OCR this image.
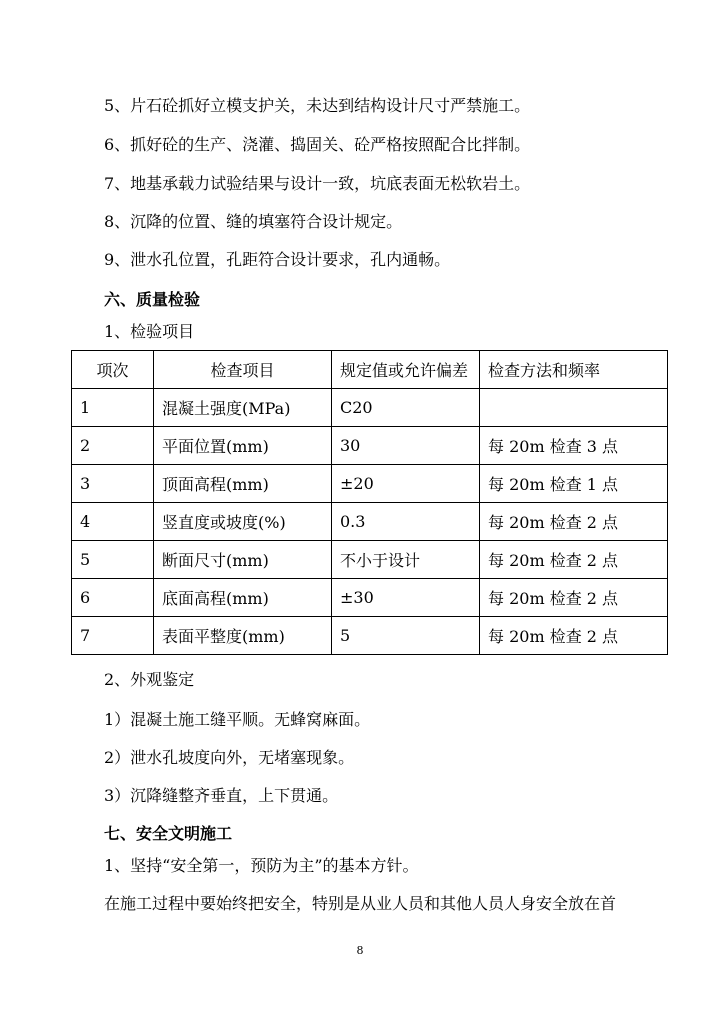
5、片石砼抓好立模支护关，未达到结构设计尺寸严禁施工。
6、抓好砼的生产、浇灌、捣固关、砼严格按照配合比拌制。
7、地基承载力试验结果与设计一致，坑底表面无松软岩土。
8、沉降的位置、缝的填塞符合设计规定。
9、泄水孔位置，孔距符合设计要求，孔内通畅。
六、质量检验
1、检验项目
项次	检查项目	规定值或允许偏差	检查方法和频率
1	混凝土强度(MPa)	C20	
2	平面位置(mm)	30	每 20m 检查 3 点
3	顶面高程(mm)	±20	每 20m 检查 1 点
4	竖直度或坡度(%)	0.3	每 20m 检查 2 点
5	断面尺寸(mm)	不小于设计	每 20m 检查 2 点
6	底面高程(mm)	±30	每 20m 检查 2 点
7	表面平整度(mm)	5	每 20m 检查 2 点
2、外观鉴定
1）混凝土施工缝平顺。无蜂窝麻面。
2）泄水孔坡度向外，无堵塞现象。
3）沉降缝整齐垂直，上下贯通。
七、安全文明施工
1、坚持“安全第一，预防为主”的基本方针。
在施工过程中要始终把安全，特别是从业人员和其他人员人身安全放在首
8
